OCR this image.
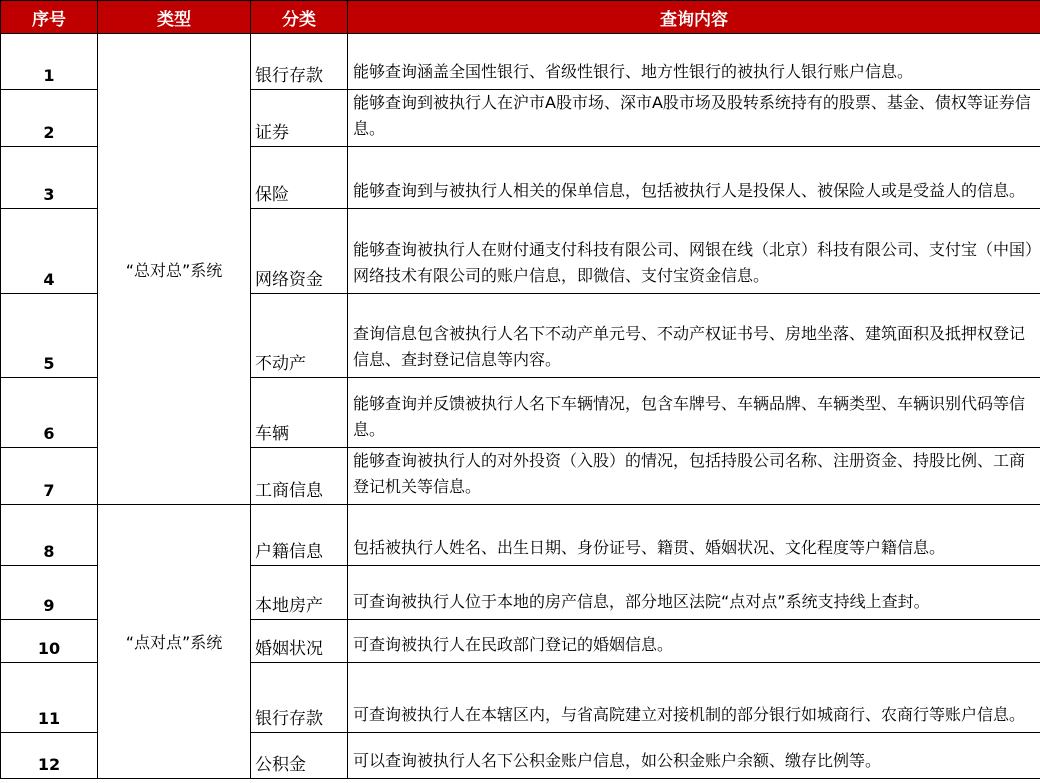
序号	类型	分类	查询内容
1	“总对总”系统	银行存款	能够查询涵盖全国性银行、省级性银行、地方性银行的被执行人银行账户信息。
2		证券	能够查询到被执行人在沪市A股市场、深市A股市场及股转系统持有的股票、基金、债权等证券信息。
3		保险	能够查询到与被执行人相关的保单信息，包括被执行人是投保人、被保险人或是受益人的信息。
4		网络资金	能够查询被执行人在财付通支付科技有限公司、网银在线（北京）科技有限公司、支付宝（中国）网络技术有限公司的账户信息，即微信、支付宝资金信息。
5		不动产	查询信息包含被执行人名下不动产单元号、不动产权证书号、房地坐落、建筑面积及抵押权登记信息、查封登记信息等内容。
6		车辆	能够查询并反馈被执行人名下车辆情况，包含车牌号、车辆品牌、车辆类型、车辆识别代码等信息。
7		工商信息	能够查询被执行人的对外投资（入股）的情况，包括持股公司名称、注册资金、持股比例、工商登记机关等信息。
8	“点对点”系统	户籍信息	包括被执行人姓名、出生日期、身份证号、籍贯、婚姻状况、文化程度等户籍信息。
9		本地房产	可查询被执行人位于本地的房产信息，部分地区法院“点对点”系统支持线上查封。
10		婚姻状况	可查询被执行人在民政部门登记的婚姻信息。
11		银行存款	可查询被执行人在本辖区内，与省高院建立对接机制的部分银行如城商行、农商行等账户信息。
12		公积金	可以查询被执行人名下公积金账户信息，如公积金账户余额、缴存比例等。
